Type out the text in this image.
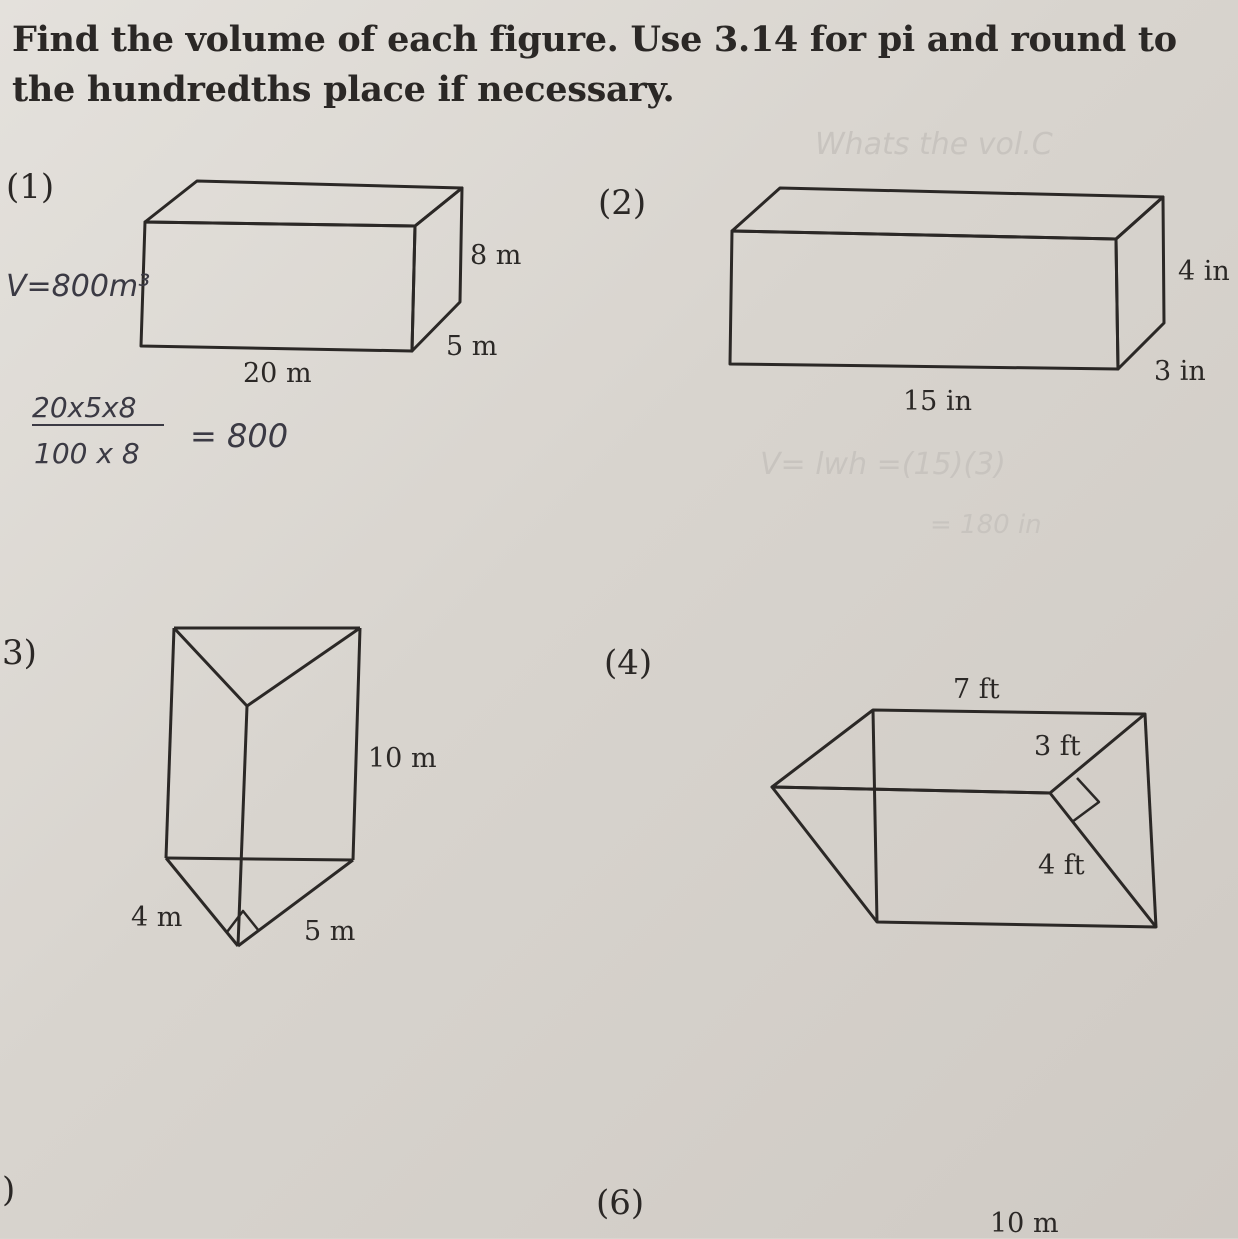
Find the volume of each figure. Use 3.14 for pi and round to
the hundredths place if necessary.
Whats the vol.C
V= lwh =(15)(3)
= 180 in
(1)	(2)
3)	(4)
)	(6)
8 m
5 m
20 m
4 in
3 in
15 in
10 m
4 m	5 m
7 ft
3 ft
4 ft
10 m
V=800m³
20x5x8
100 x 8 = 800
